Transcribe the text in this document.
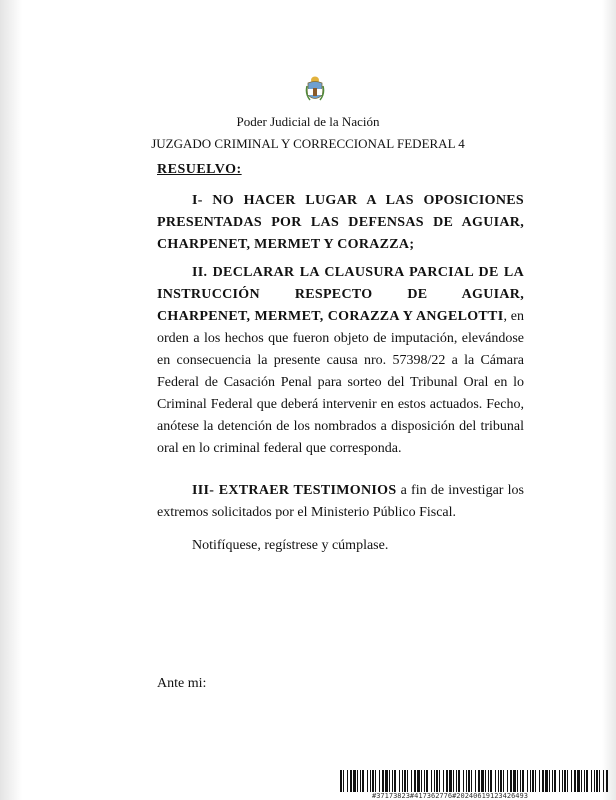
Poder Judicial de la Nación
JUZGADO CRIMINAL Y CORRECCIONAL FEDERAL 4
RESUELVO:
I- NO HACER LUGAR A LAS OPOSICIONES PRESENTADAS POR LAS DEFENSAS DE AGUIAR, CHARPENET, MERMET Y CORAZZA;
II. DECLARAR LA CLAUSURA PARCIAL DE LA INSTRUCCIÓN RESPECTO DE AGUIAR, CHARPENET, MERMET, CORAZZA Y ANGELOTTI, en orden a los hechos que fueron objeto de imputación, elevándose en consecuencia la presente causa nro. 57398/22 a la Cámara Federal de Casación Penal para sorteo del Tribunal Oral en lo Criminal Federal que deberá intervenir en estos actuados. Fecho, anótese la detención de los nombrados a disposición del tribunal oral en lo criminal federal que corresponda.
III- EXTRAER TESTIMONIOS a fin de investigar los extremos solicitados por el Ministerio Público Fiscal.
Notifíquese, regístrese y cúmplase.
Ante mi:
#37173823#417362776#20240619123426493
